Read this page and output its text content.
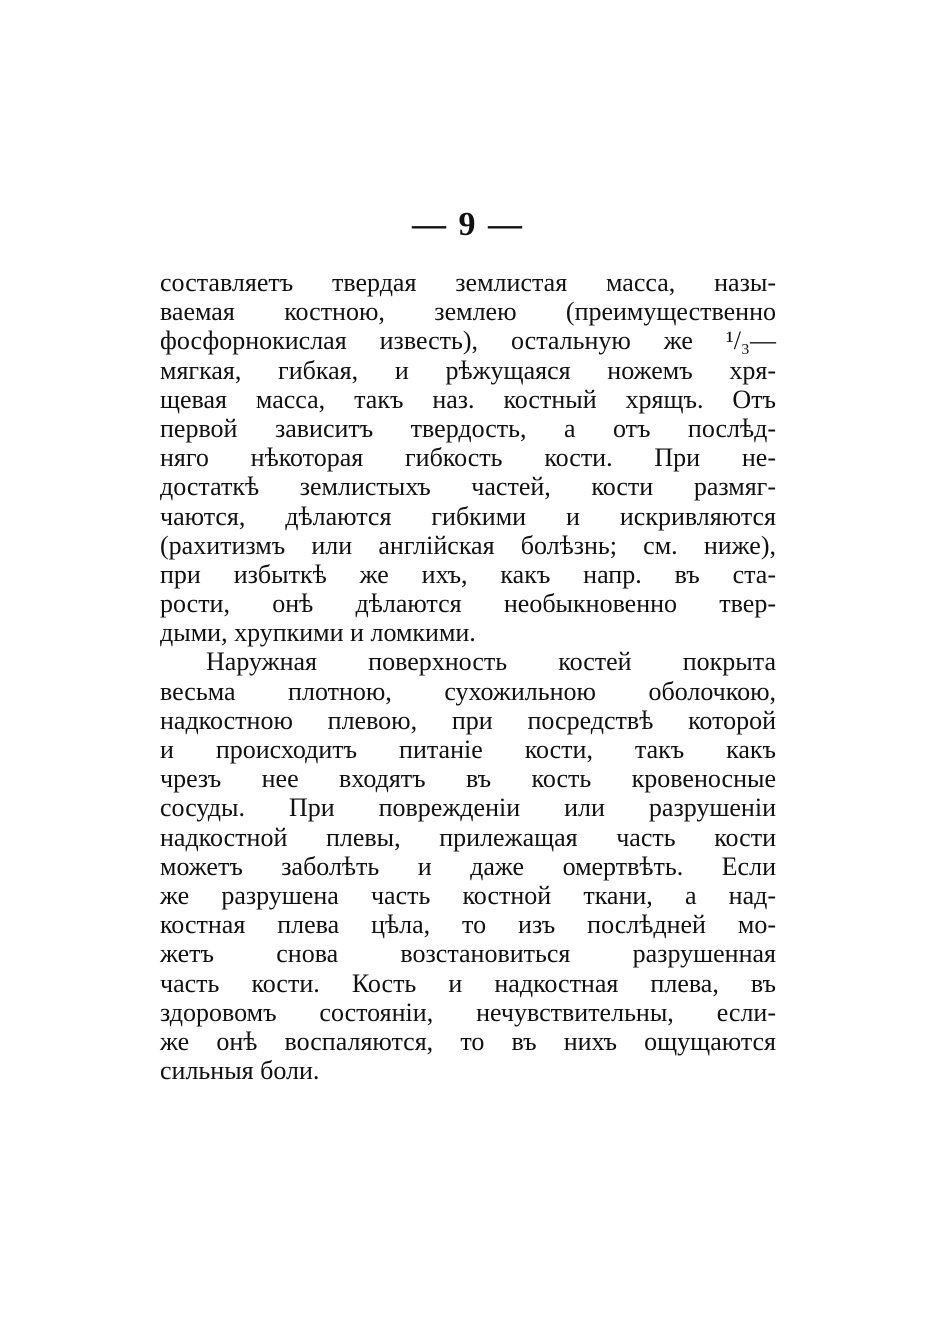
— 9 —
составляетъ твердая землистая масса, назы-
ваемая костною, землею (преимущественно
фосфорнокислая известь), остальную же ¹/₃—
мягкая, гибкая, и рѣжущаяся ножемъ хря-
щевая масса, такъ наз. костный хрящъ. Отъ
первой зависитъ твердость, а отъ послѣд-
няго нѣкоторая гибкость кости. При не-
достаткѣ землистыхъ частей, кости размяг-
чаются, дѣлаются гибкими и искривляются
(рахитизмъ или англійская болѣзнь; см. ниже),
при избыткѣ же ихъ, какъ напр. въ ста-
рости, онѣ дѣлаются необыкновенно твер-
дыми, хрупкими и ломкими.
Наружная поверхность костей покрыта
весьма плотною, сухожильною оболочкою,
надкостною плевою, при посредствѣ которой
и происходитъ питаніе кости, такъ какъ
чрезъ нее входятъ въ кость кровеносные
сосуды. При поврежденіи или разрушеніи
надкостной плевы, прилежащая часть кости
можетъ заболѣть и даже омертвѣть. Если
же разрушена часть костной ткани, а над-
костная плева цѣла, то изъ послѣдней мо-
жетъ снова возстановиться разрушенная
часть кости. Кость и надкостная плева, въ
здоровомъ состояніи, нечувствительны, если-
же онѣ воспаляются, то въ нихъ ощущаются
сильныя боли.
